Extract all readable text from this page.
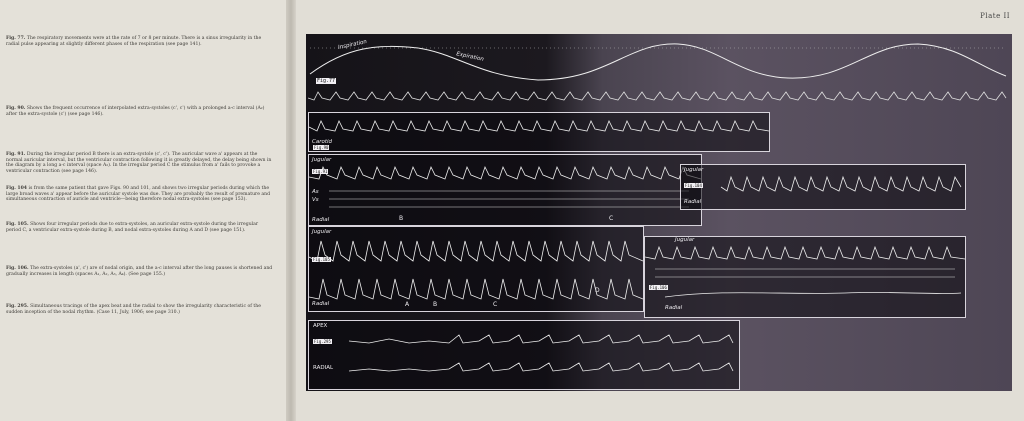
Fig. 77. The respiratory movements were at the rate of 7 or 8 per minute. There is a sinus irregularity in the radial pulse appearing at slightly different phases of the respiration (see page 141).
Fig. 90. Shows the frequent occurrence of interpolated extra-systoles (c', c') with a prolonged a-c interval (A₂) after the extra-systole (c') (see page 146).
Fig. 91. During the irregular period B there is an extra-systole (c', c'). The auricular wave a' appears at the normal auricular interval, but the ventricular contraction following it is greatly delayed, the delay being shown in the diagram by a long a-c interval (space A₂). In the irregular period C the stimulus from a' fails to provoke a ventricular contraction (see page 146).
Fig. 104 is from the same patient that gave Figs. 90 and 101, and shows two irregular periods during which the large broad waves a' appear before the auricular systole was due. They are probably the result of premature and simultaneous contraction of auricle and ventricle—being therefore nodal extra-systoles (see page 153).
Fig. 105. Shows four irregular periods due to extra-systoles, an auricular extra-systole during the irregular period C, a ventricular extra-systole during B, and nodal extra-systoles during A and D (see page 151).
Fig. 106. The extra-systoles (a', c') are of nodal origin, and the a-c interval after the long pauses is shortened and gradually increases in length (spaces A₁, A₂, A₃, A₄). (See page 155.)
Fig. 295. Simultaneous tracings of the apex beat and the radial to show the irregularity characteristic of the sudden inception of the nodal rhythm. (Case 11, July, 1906; see page 310.)
Plate II
Inspiration
Expiration
Fig.77
Carotid
Fig.90
Jugular
Fig.91
As
Vs
Radial	B	C
Jugular
Fig.104
Radial
Jugular
Fig.105
Radial	A	B	C
D
Jugular
Fig.106
Radial
APEX
Fig.295
RADIAL
